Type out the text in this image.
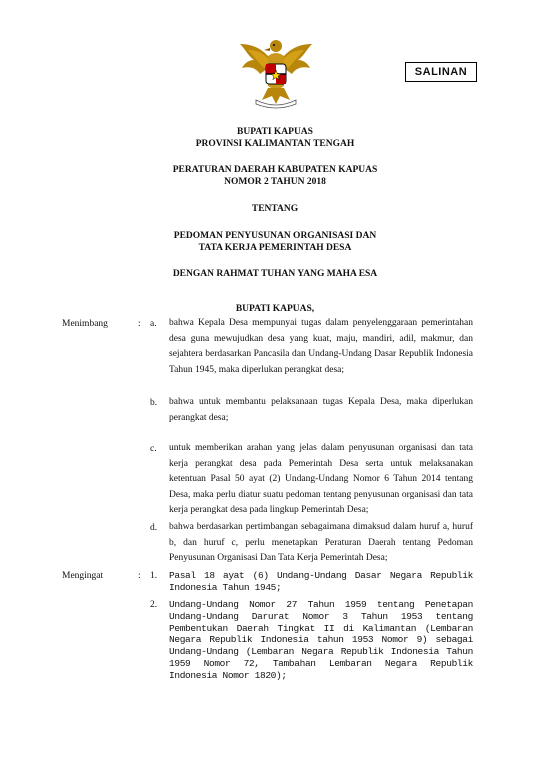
SALINAN
BUPATI KAPUAS
PROVINSI KALIMANTAN TENGAH
PERATURAN DAERAH KABUPATEN KAPUAS
NOMOR 2 TAHUN 2018
TENTANG
PEDOMAN PENYUSUNAN ORGANISASI DAN
TATA KERJA PEMERINTAH DESA
DENGAN RAHMAT TUHAN YANG MAHA ESA
BUPATI KAPUAS,
Menimbang	: a. bahwa Kepala Desa mempunyai tugas dalam penyelenggaraan pemerintahan desa guna mewujudkan desa yang kuat, maju, mandiri, adil, makmur, dan sejahtera berdasarkan Pancasila dan Undang-Undang Dasar Republik Indonesia Tahun 1945, maka diperlukan perangkat desa;
b. bahwa untuk membantu pelaksanaan tugas Kepala Desa, maka diperlukan perangkat desa;
c. untuk memberikan arahan yang jelas dalam penyusunan organisasi dan tata kerja perangkat desa pada Pemerintah Desa serta untuk melaksanakan ketentuan Pasal 50 ayat (2) Undang-Undang Nomor 6 Tahun 2014 tentang Desa, maka perlu diatur suatu pedoman tentang penyusunan organisasi dan tata kerja perangkat desa pada lingkup Pemerintah Desa;
d. bahwa berdasarkan pertimbangan sebagaimana dimaksud dalam huruf a, huruf b, dan huruf c, perlu menetapkan Peraturan Daerah tentang Pedoman Penyusunan Organisasi Dan Tata Kerja Pemerintah Desa;
Mengingat	: 1. Pasal 18 ayat (6) Undang-Undang Dasar Negara Republik Indonesia Tahun 1945;
2. Undang-Undang Nomor 27 Tahun 1959 tentang Penetapan Undang-Undang Darurat Nomor 3 Tahun 1953 tentang Pembentukan Daerah Tingkat II di Kalimantan (Lembaran Negara Republik Indonesia tahun 1953 Nomor 9) sebagai Undang-Undang (Lembaran Negara Republik Indonesia Tahun 1959 Nomor 72, Tambahan Lembaran Negara Republik Indonesia Nomor 1820);
